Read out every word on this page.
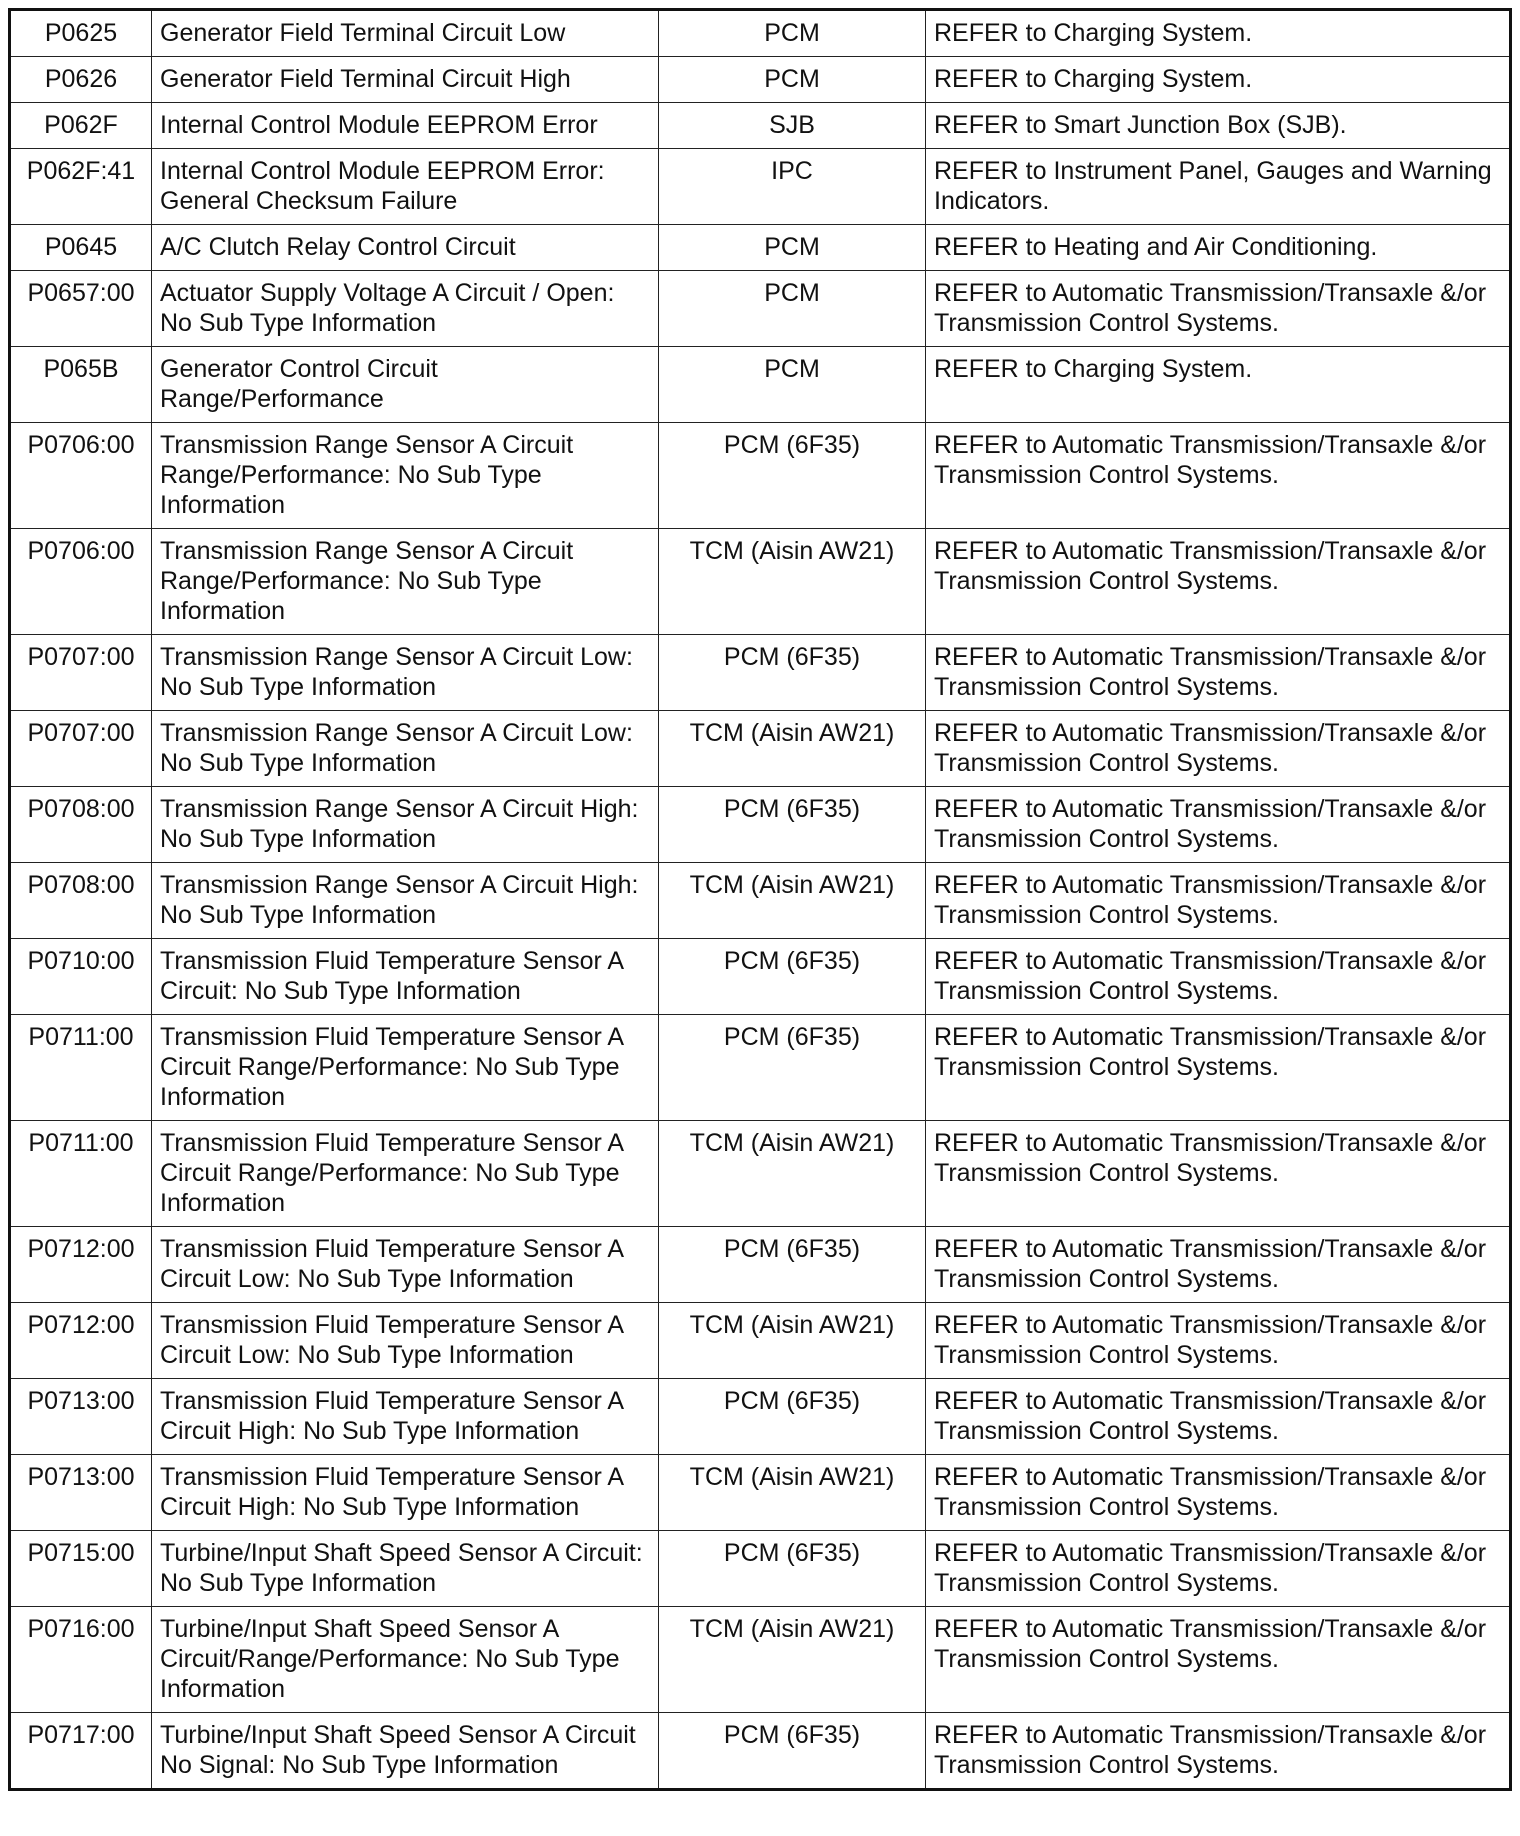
P0625	Generator Field Terminal Circuit Low	PCM	REFER to Charging System.
P0626	Generator Field Terminal Circuit High	PCM	REFER to Charging System.
P062F	Internal Control Module EEPROM Error	SJB	REFER to Smart Junction Box (SJB).
P062F:41	Internal Control Module EEPROM Error: General Checksum Failure	IPC	REFER to Instrument Panel, Gauges and Warning Indicators.
P0645	A/C Clutch Relay Control Circuit	PCM	REFER to Heating and Air Conditioning.
P0657:00	Actuator Supply Voltage A Circuit / Open: No Sub Type Information	PCM	REFER to Automatic Transmission/Transaxle &/or Transmission Control Systems.
P065B	Generator Control Circuit Range/Performance	PCM	REFER to Charging System.
P0706:00	Transmission Range Sensor A Circuit Range/Performance: No Sub Type Information	PCM (6F35)	REFER to Automatic Transmission/Transaxle &/or Transmission Control Systems.
P0706:00	Transmission Range Sensor A Circuit Range/Performance: No Sub Type Information	TCM (Aisin AW21)	REFER to Automatic Transmission/Transaxle &/or Transmission Control Systems.
P0707:00	Transmission Range Sensor A Circuit Low: No Sub Type Information	PCM (6F35)	REFER to Automatic Transmission/Transaxle &/or Transmission Control Systems.
P0707:00	Transmission Range Sensor A Circuit Low: No Sub Type Information	TCM (Aisin AW21)	REFER to Automatic Transmission/Transaxle &/or Transmission Control Systems.
P0708:00	Transmission Range Sensor A Circuit High: No Sub Type Information	PCM (6F35)	REFER to Automatic Transmission/Transaxle &/or Transmission Control Systems.
P0708:00	Transmission Range Sensor A Circuit High: No Sub Type Information	TCM (Aisin AW21)	REFER to Automatic Transmission/Transaxle &/or Transmission Control Systems.
P0710:00	Transmission Fluid Temperature Sensor A Circuit: No Sub Type Information	PCM (6F35)	REFER to Automatic Transmission/Transaxle &/or Transmission Control Systems.
P0711:00	Transmission Fluid Temperature Sensor A Circuit Range/Performance: No Sub Type Information	PCM (6F35)	REFER to Automatic Transmission/Transaxle &/or Transmission Control Systems.
P0711:00	Transmission Fluid Temperature Sensor A Circuit Range/Performance: No Sub Type Information	TCM (Aisin AW21)	REFER to Automatic Transmission/Transaxle &/or Transmission Control Systems.
P0712:00	Transmission Fluid Temperature Sensor A Circuit Low: No Sub Type Information	PCM (6F35)	REFER to Automatic Transmission/Transaxle &/or Transmission Control Systems.
P0712:00	Transmission Fluid Temperature Sensor A Circuit Low: No Sub Type Information	TCM (Aisin AW21)	REFER to Automatic Transmission/Transaxle &/or Transmission Control Systems.
P0713:00	Transmission Fluid Temperature Sensor A Circuit High: No Sub Type Information	PCM (6F35)	REFER to Automatic Transmission/Transaxle &/or Transmission Control Systems.
P0713:00	Transmission Fluid Temperature Sensor A Circuit High: No Sub Type Information	TCM (Aisin AW21)	REFER to Automatic Transmission/Transaxle &/or Transmission Control Systems.
P0715:00	Turbine/Input Shaft Speed Sensor A Circuit: No Sub Type Information	PCM (6F35)	REFER to Automatic Transmission/Transaxle &/or Transmission Control Systems.
P0716:00	Turbine/Input Shaft Speed Sensor A Circuit/Range/Performance: No Sub Type Information	TCM (Aisin AW21)	REFER to Automatic Transmission/Transaxle &/or Transmission Control Systems.
P0717:00	Turbine/Input Shaft Speed Sensor A Circuit No Signal: No Sub Type Information	PCM (6F35)	REFER to Automatic Transmission/Transaxle &/or Transmission Control Systems.
